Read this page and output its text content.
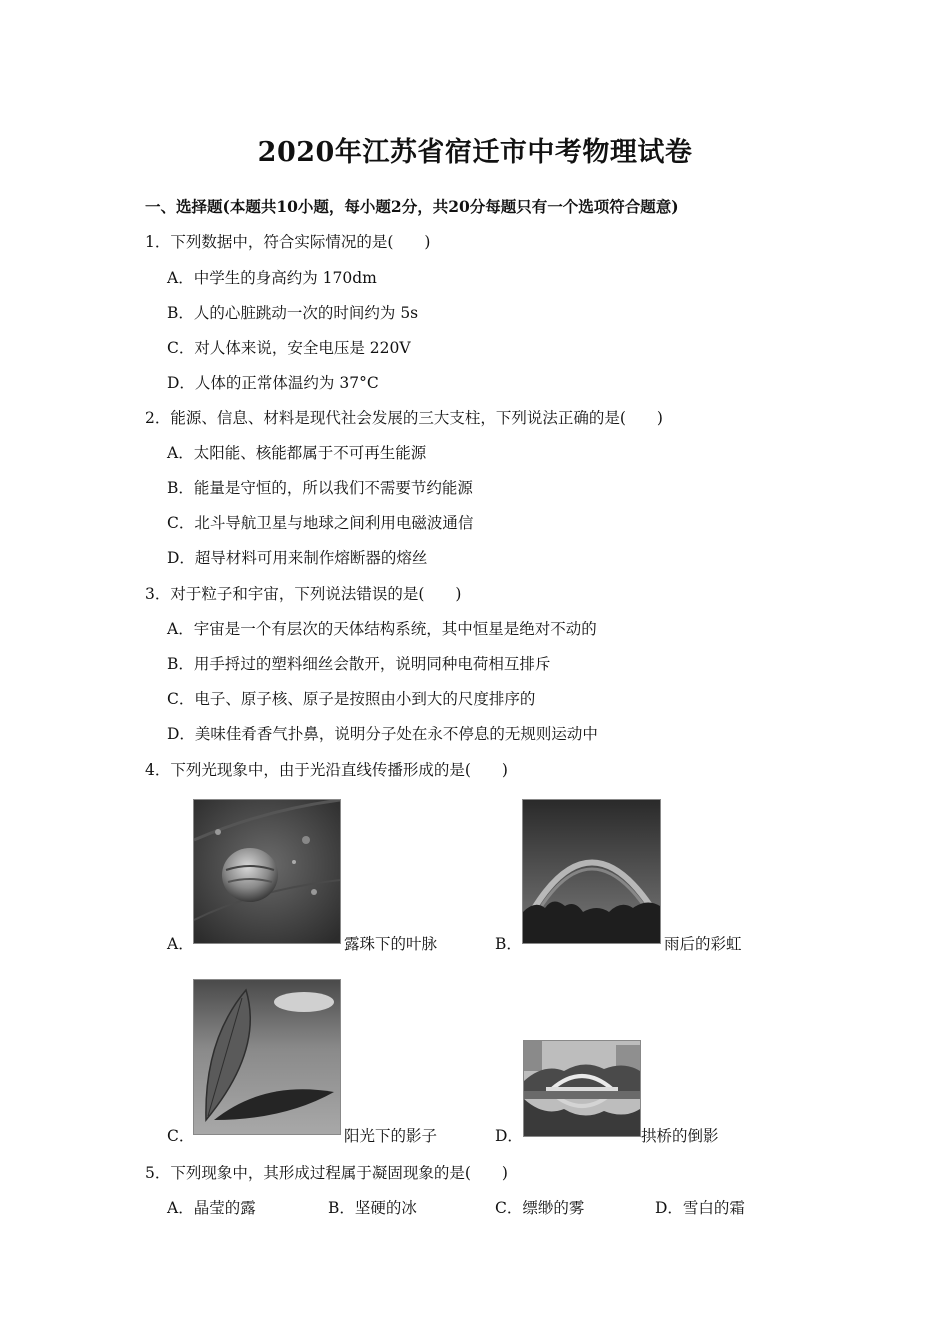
2020年江苏省宿迁市中考物理试卷
一、选择题(本题共10小题，每小题2分，共20分每题只有一个选项符合题意)
1．下列数据中，符合实际情况的是(　　)
A．中学生的身高约为 170dm
B．人的心脏跳动一次的时间约为 5s
C．对人体来说，安全电压是 220V
D．人体的正常体温约为 37°C
2．能源、信息、材料是现代社会发展的三大支柱，下列说法正确的是(　　)
A．太阳能、核能都属于不可再生能源
B．能量是守恒的，所以我们不需要节约能源
C．北斗导航卫星与地球之间利用电磁波通信
D．超导材料可用来制作熔断器的熔丝
3．对于粒子和宇宙，下列说法错误的是(　　)
A．宇宙是一个有层次的天体结构系统，其中恒星是绝对不动的
B．用手捋过的塑料细丝会散开，说明同种电荷相互排斥
C．电子、原子核、原子是按照由小到大的尺度排序的
D．美味佳肴香气扑鼻，说明分子处在永不停息的无规则运动中
4．下列光现象中，由于光沿直线传播形成的是(　　)
A．	露珠下的叶脉	B．	雨后的彩虹
C．	阳光下的影子	D．	拱桥的倒影
5．下列现象中，其形成过程属于凝固现象的是(　　)
A．晶莹的露	B．坚硬的冰	C．缥缈的雾	D．雪白的霜
